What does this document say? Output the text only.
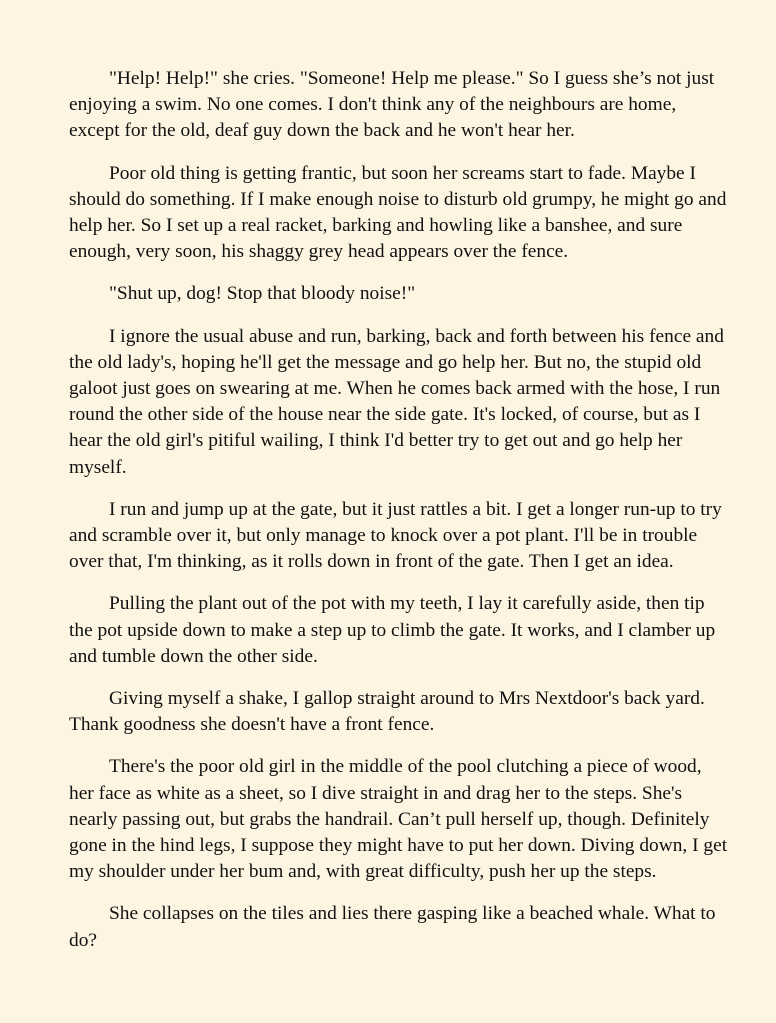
"Help! Help!" she cries. "Someone! Help me please." So I guess she’s not just enjoying a swim. No one comes. I don't think any of the neighbours are home, except for the old, deaf guy down the back and he won't hear her.

Poor old thing is getting frantic, but soon her screams start to fade. Maybe I should do something. If I make enough noise to disturb old grumpy, he might go and help her. So I set up a real racket, barking and howling like a banshee, and sure enough, very soon, his shaggy grey head appears over the fence.

"Shut up, dog! Stop that bloody noise!"

I ignore the usual abuse and run, barking, back and forth between his fence and the old lady's, hoping he'll get the message and go help her. But no, the stupid old galoot just goes on swearing at me. When he comes back armed with the hose, I run round the other side of the house near the side gate. It's locked, of course, but as I hear the old girl's pitiful wailing, I think I'd better try to get out and go help her myself.

I run and jump up at the gate, but it just rattles a bit. I get a longer run-up to try and scramble over it, but only manage to knock over a pot plant. I'll be in trouble over that, I'm thinking, as it rolls down in front of the gate. Then I get an idea.

Pulling the plant out of the pot with my teeth, I lay it carefully aside, then tip the pot upside down to make a step up to climb the gate. It works, and I clamber up and tumble down the other side.

Giving myself a shake, I gallop straight around to Mrs Nextdoor's back yard. Thank goodness she doesn't have a front fence.

There's the poor old girl in the middle of the pool clutching a piece of wood, her face as white as a sheet, so I dive straight in and drag her to the steps. She's nearly passing out, but grabs the handrail. Can’t pull herself up, though. Definitely gone in the hind legs, I suppose they might have to put her down. Diving down, I get my shoulder under her bum and, with great difficulty, push her up the steps.

She collapses on the tiles and lies there gasping like a beached whale. What to do?
